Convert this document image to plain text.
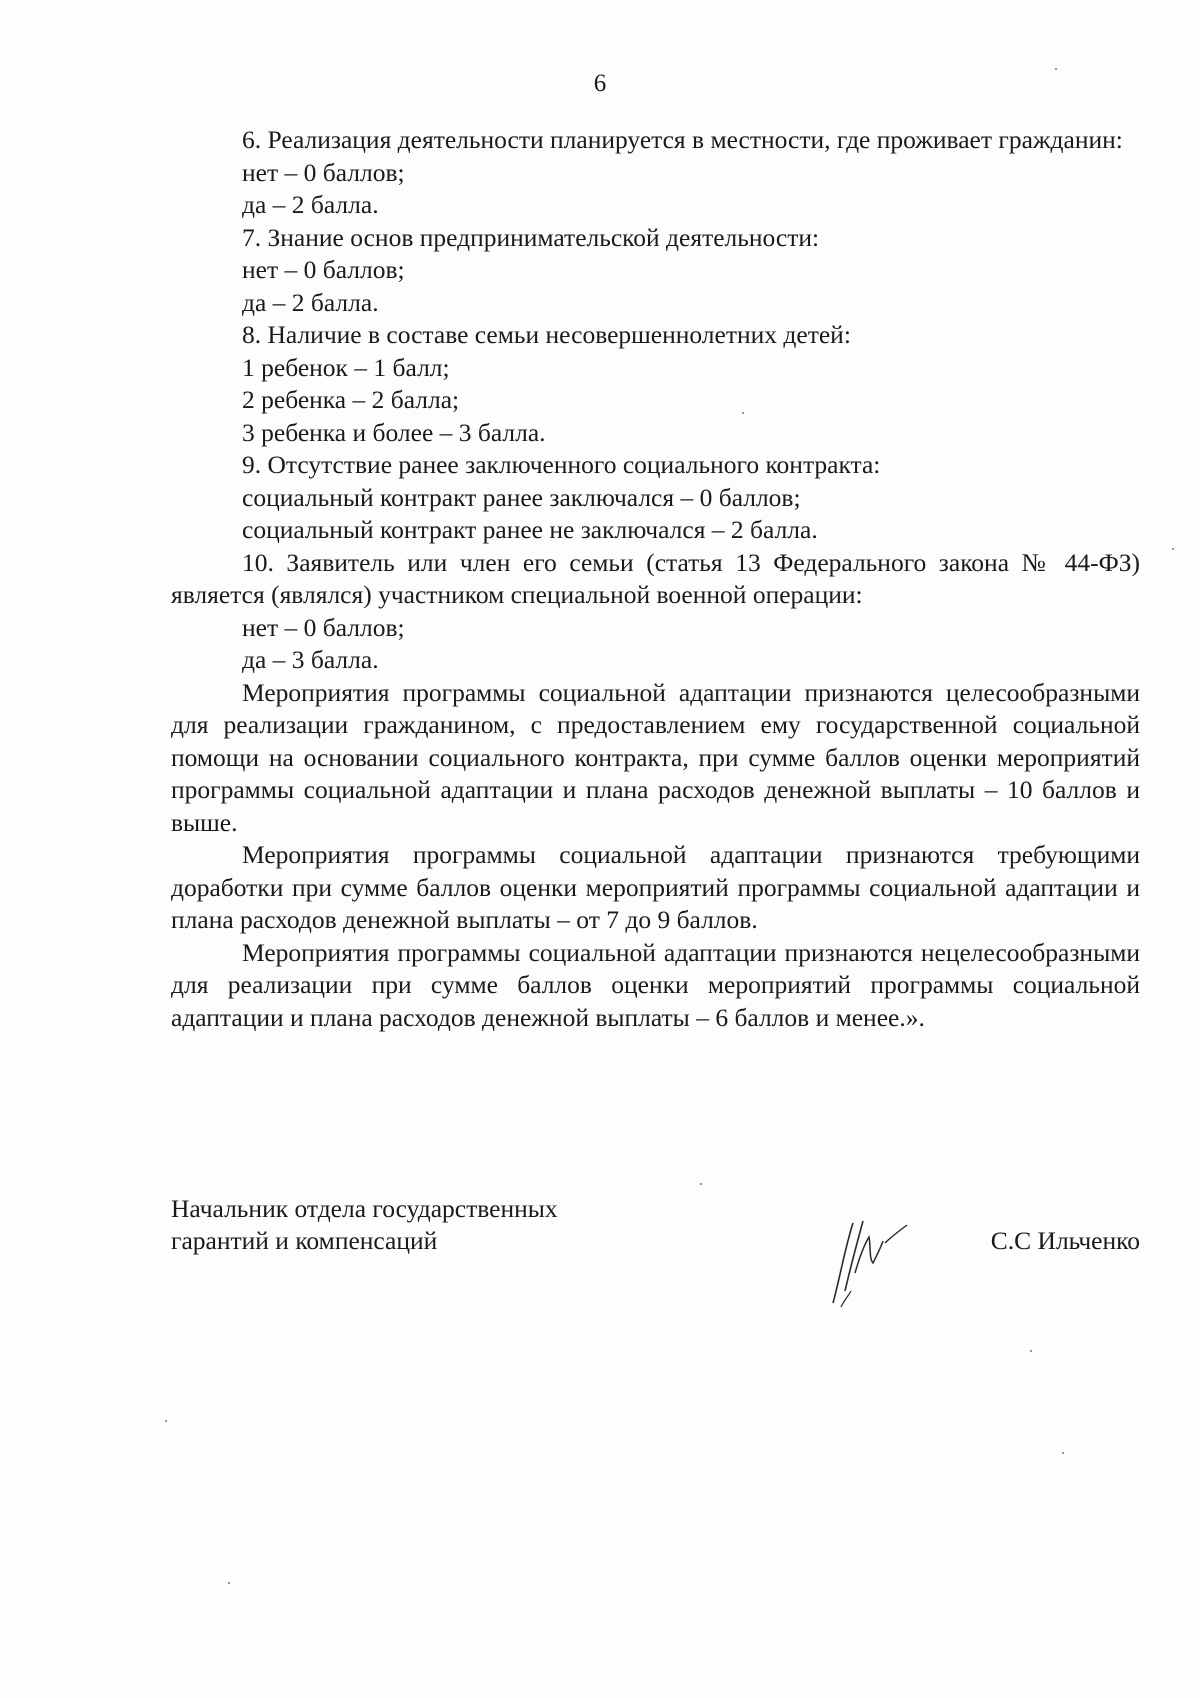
6

6. Реализация деятельности планируется в местности, где проживает гражданин:

нет – 0 баллов;

да – 2 балла.

7. Знание основ предпринимательской деятельности:

нет – 0 баллов;

да – 2 балла.

8. Наличие в составе семьи несовершеннолетних детей:

1 ребенок – 1 балл;

2 ребенка – 2 балла;

3 ребенка и более – 3 балла.

9. Отсутствие ранее заключенного социального контракта:

социальный контракт ранее заключался – 0 баллов;

социальный контракт ранее не заключался – 2 балла.

10. Заявитель или член его семьи (статья 13 Федерального закона № 44-ФЗ) является (являлся) участником специальной военной операции:

нет – 0 баллов;

да – 3 балла.

Мероприятия программы социальной адаптации признаются целесообразными для реализации гражданином, с предоставлением ему государственной социальной помощи на основании социального контракта, при сумме баллов оценки мероприятий программы социальной адаптации и плана расходов денежной выплаты – 10 баллов и выше.

Мероприятия программы социальной адаптации признаются требующими доработки при сумме баллов оценки мероприятий программы социальной адаптации и плана расходов денежной выплаты – от 7 до 9 баллов.

Мероприятия программы социальной адаптации признаются нецелесообразными для реализации при сумме баллов оценки мероприятий программы социальной адаптации и плана расходов денежной выплаты – 6 баллов и менее.».

Начальник отдела государственных
гарантий и компенсаций	С.С Ильченко
